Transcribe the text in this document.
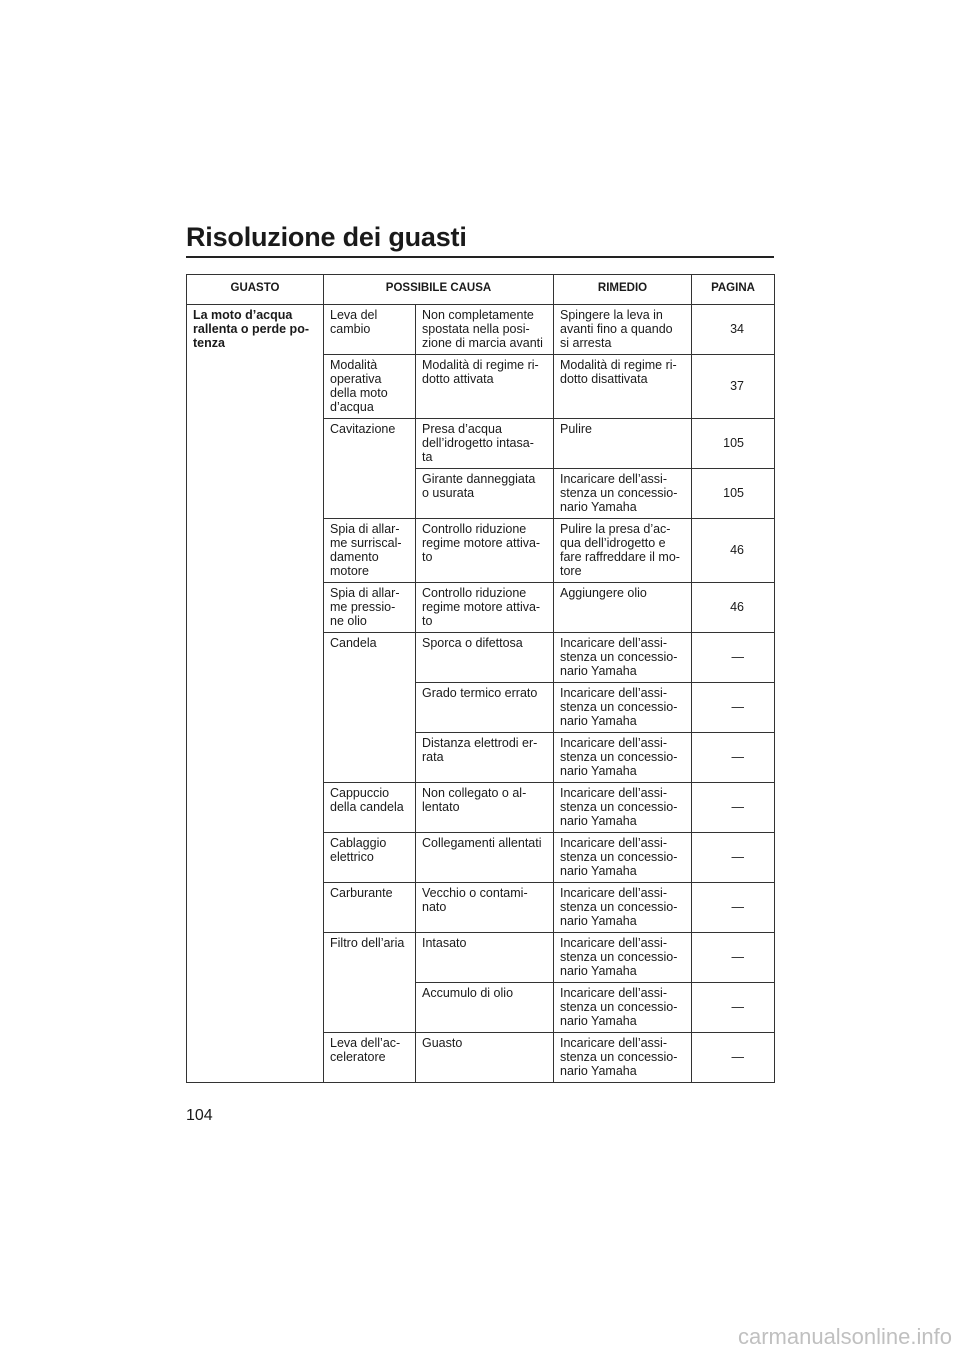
Risoluzione dei guasti
GUASTO	POSSIBILE CAUSA		RIMEDIO	PAGINA
La moto d’acqua
rallenta o perde po-
tenza	Leva del
cambio	Non completamente
spostata nella posi-
zione di marcia avanti	Spingere la leva in
avanti fino a quando
si arresta	34
	Modalità
operativa
della moto
d’acqua	Modalità di regime ri-
dotto attivata	Modalità di regime ri-
dotto disattivata	37
	Cavitazione	Presa d’acqua
dell’idrogetto intasa-
ta	Pulire	105
		Girante danneggiata
o usurata	Incaricare dell’assi-
stenza un concessio-
nario Yamaha	105
	Spia di allar-
me surriscal-
damento
motore	Controllo riduzione
regime motore attiva-
to	Pulire la presa d’ac-
qua dell’idrogetto e
fare raffreddare il mo-
tore	46
	Spia di allar-
me pressio-
ne olio	Controllo riduzione
regime motore attiva-
to	Aggiungere olio	46
	Candela	Sporca o difettosa	Incaricare dell’assi-
stenza un concessio-
nario Yamaha	—
		Grado termico errato	Incaricare dell’assi-
stenza un concessio-
nario Yamaha	—
		Distanza elettrodi er-
rata	Incaricare dell’assi-
stenza un concessio-
nario Yamaha	—
	Cappuccio
della candela	Non collegato o al-
lentato	Incaricare dell’assi-
stenza un concessio-
nario Yamaha	—
	Cablaggio
elettrico	Collegamenti allentati	Incaricare dell’assi-
stenza un concessio-
nario Yamaha	—
	Carburante	Vecchio o contami-
nato	Incaricare dell’assi-
stenza un concessio-
nario Yamaha	—
	Filtro dell’aria	Intasato	Incaricare dell’assi-
stenza un concessio-
nario Yamaha	—
		Accumulo di olio	Incaricare dell’assi-
stenza un concessio-
nario Yamaha	—
	Leva dell’ac-
celeratore	Guasto	Incaricare dell’assi-
stenza un concessio-
nario Yamaha	—
104
carmanualsonline.info
